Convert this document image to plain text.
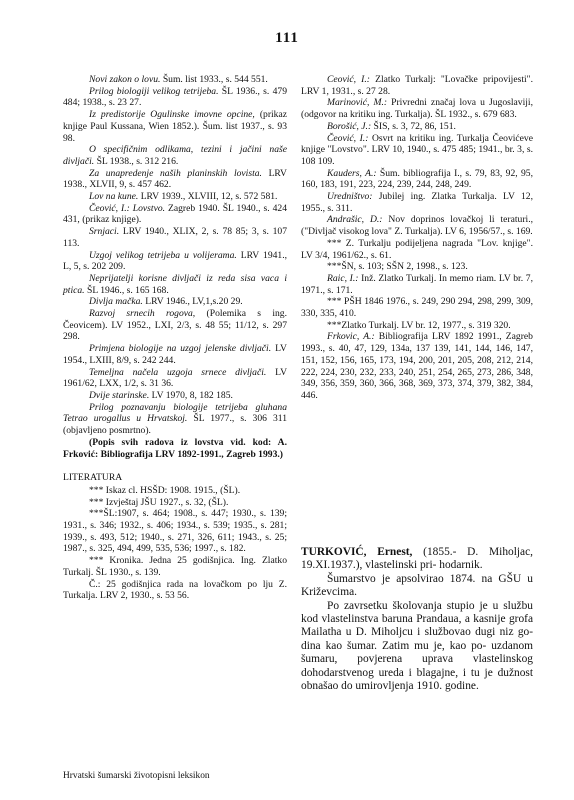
111

Novi zakon o lovu. Šum. list 1933., s. 544 551.

Prilog biologiji velikog tetrijeba. ŠL 1936., s. 479 484; 1938., s. 23 27.

Iz predistorije Ogulinske imovne opcine, (prikaz knjige Paul Kussana, Wien 1852.). Šum. list 1937., s. 93 98.

O specifičnim odlikama, tezini i jačini naše divljači. ŠL 1938., s. 312 216.

Za unapredenje naših planinskih lovista. LRV 1938., XLVII, 9, s. 457 462.

Lov na kune. LRV 1939., XLVIII, 12, s. 572 581.

Čeović, I.: Lovstvo. Zagreb 1940. ŠL 1940., s. 424 431, (prikaz knjige).

Srnjaci. LRV 1940., XLIX, 2, s. 78 85; 3, s. 107 113.

Uzgoj velikog tetrijeba u volijerama. LRV 1941., L, 5, s. 202 209.

Neprijatelji korisne divljači iz reda sisa vaca i ptica. ŠL 1946., s. 165 168.

Divlja mačka. LRV 1946., LV,1,s.20 29.

Razvoj srnecih rogova, (Polemika s ing. Čeovicem). LV 1952., LXI, 2/3, s. 48 55; 11/12, s. 297 298.

Primjena biologije na uzgoj jelenske divljači. LV 1954., LXIII, 8/9, s. 242 244.

Temeljna načela uzgoja srnece divljači. LV 1961/62, LXX, 1/2, s. 31 36.

Dvije starinske. LV 1970, 8, 182 185.

Prilog poznavanju biologije tetrijeba gluhana Tetrao urogallus u Hrvatskoj. ŠL 1977., s. 306 311 (objavljeno posmrtno).

(Popis svih radova iz lovstva vid. kod: A. Frković: Bibliografija LRV 1892-1991., Zagreb 1993.)

LITERATURA

*** Iskaz cl. HSŠD: 1908. 1915., (ŠL).

*** Izvještaj JŠU 1927., s. 32, (ŠL).

***ŠL:1907, s. 464; 1908., s. 447; 1930., s. 139; 1931., s. 346; 1932., s. 406; 1934., s. 539; 1935., s. 281; 1939., s. 493, 512; 1940., s. 271, 326, 611; 1943., s. 25; 1987., s. 325, 494, 499, 535, 536; 1997., s. 182.

*** Kronika. Jedna 25 godišnjica. Ing. Zlatko Turkalj. ŠL 1930., s. 139.

Č.: 25 godišnjica rada na lovačkom po lju Z. Turkalja. LRV 2, 1930., s. 53 56.

Ceović, I.: Zlatko Turkalj: "Lovačke pripovijesti". LRV 1, 1931., s. 27 28.

Marinović, M.: Privredni značaj lova u Jugoslaviji, (odgovor na kritiku ing. Turkalja). ŠL 1932., s. 679 683.

Borošić, J.: ŠIS, s. 3, 72, 86, 151.

Čeović, I.: Osvrt na kritiku ing. Turkalja Čeovićeve knjige "Lovstvo". LRV 10, 1940., s. 475 485; 1941., br. 3, s. 108 109.

Kauders, A.: Šum. bibliografija I., s. 79, 83, 92, 95, 160, 183, 191, 223, 224, 239, 244, 248, 249.

Uredništvo: Jubilej ing. Zlatka Turkalja. LV 12, 1955., s. 311.

Andrašic, D.: Nov doprinos lovačkoj li teraturi., ("Divljač visokog lova" Z. Turkalja). LV 6, 1956/57., s. 169.

*** Z. Turkalju podijeljena nagrada "Lov. knjige". LV 3/4, 1961/62., s. 61.

***ŠN, s. 103; SŠN 2, 1998., s. 123.

Raic, I.: Inž. Zlatko Turkalj. In memo riam. LV br. 7, 1971., s. 171.

*** PŠH 1846 1976., s. 249, 290 294, 298, 299, 309, 330, 335, 410.

***Zlatko Turkalj. LV br. 12, 1977., s. 319 320.

Frkovic, A.: Bibliografija LRV 1892 1991., Zagreb 1993., s. 40, 47, 129, 134a, 137 139, 141, 144, 146, 147, 151, 152, 156, 165, 173, 194, 200, 201, 205, 208, 212, 214, 222, 224, 230, 232, 233, 240, 251, 254, 265, 273, 286, 348, 349, 356, 359, 360, 366, 368, 369, 373, 374, 379, 382, 384, 446.

TURKOVIĆ, Ernest, (1855.- D. Miholjac, 19.XI.1937.), vlastelinski pri- hodarnik.

Šumarstvo je apsolvirao 1874. na GŠU u Križevcima.

Po zavrsetku školovanja stupio je u službu kod vlastelinstva baruna Prandaua, a kasnije grofa Mailatha u D. Miholjcu i službovao dugi niz go- dina kao šumar. Zatim mu je, kao po- uzdanom šumaru, povjerena uprava vlastelinskog dohodarstvenog ureda i blagajne, i tu je dužnost obnašao do umirovljenja 1910. godine.

Hrvatski šumarski životopisni leksikon
